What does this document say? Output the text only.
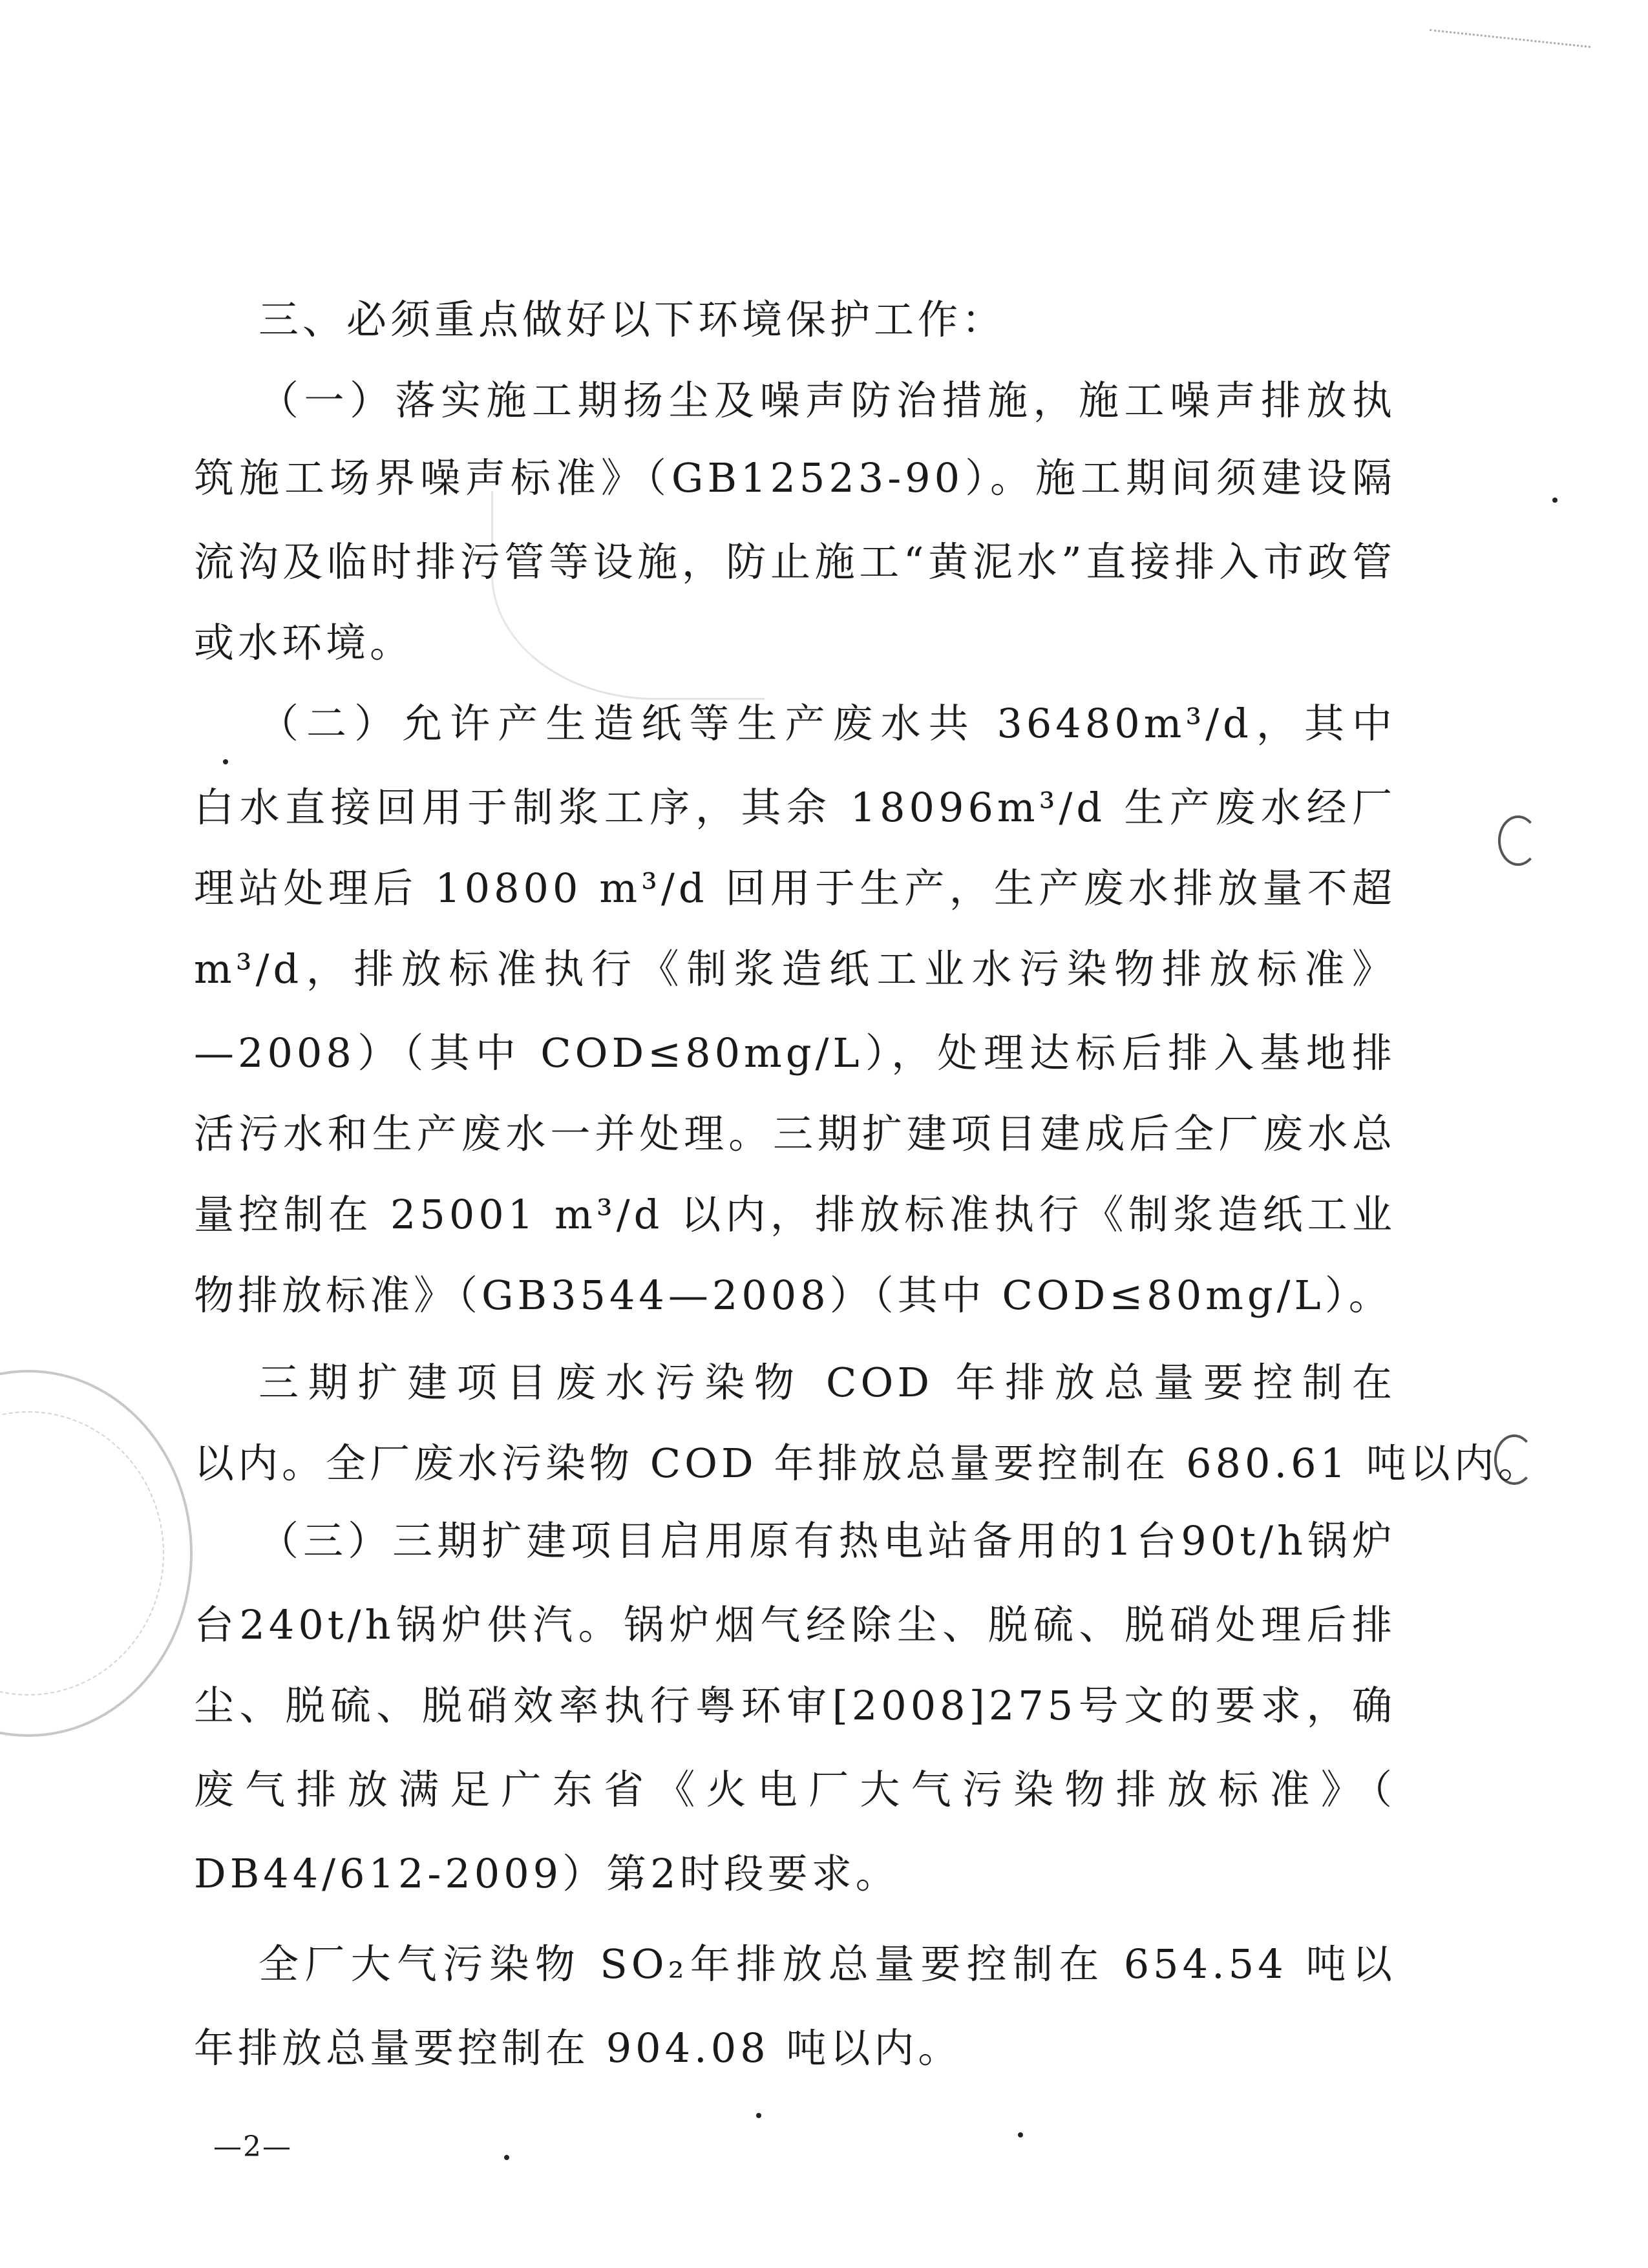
三、必须重点做好以下环境保护工作：
（一）落实施工期扬尘及噪声防治措施，施工噪声排放执
筑施工场界噪声标准》（GB12523-90）。施工期间须建设隔
流沟及临时排污管等设施，防止施工“黄泥水”直接排入市政管
或水环境。
（二）允许产生造纸等生产废水共 36480m³/d，其中
白水直接回用于制浆工序，其余 18096m³/d 生产废水经厂
理站处理后 10800 m³/d 回用于生产，生产废水排放量不超
m³/d，排放标准执行《制浆造纸工业水污染物排放标准》
—2008）（其中 COD≤80mg/L），处理达标后排入基地排
活污水和生产废水一并处理。三期扩建项目建成后全厂废水总
量控制在 25001 m³/d 以内，排放标准执行《制浆造纸工业
物排放标准》（GB3544—2008）（其中 COD≤80mg/L）。
三期扩建项目废水污染物 COD 年排放总量要控制在
以内。全厂废水污染物 COD 年排放总量要控制在 680.61 吨以内。
（三）三期扩建项目启用原有热电站备用的1台90t/h锅炉
台240t/h锅炉供汽。锅炉烟气经除尘、脱硫、脱硝处理后排
尘、脱硫、脱硝效率执行粤环审[2008]275号文的要求，确
废气排放满足广东省《火电厂大气污染物排放标准》（
DB44/612-2009）第2时段要求。
全厂大气污染物 SO₂年排放总量要控制在 654.54 吨以
年排放总量要控制在 904.08 吨以内。
—2—
